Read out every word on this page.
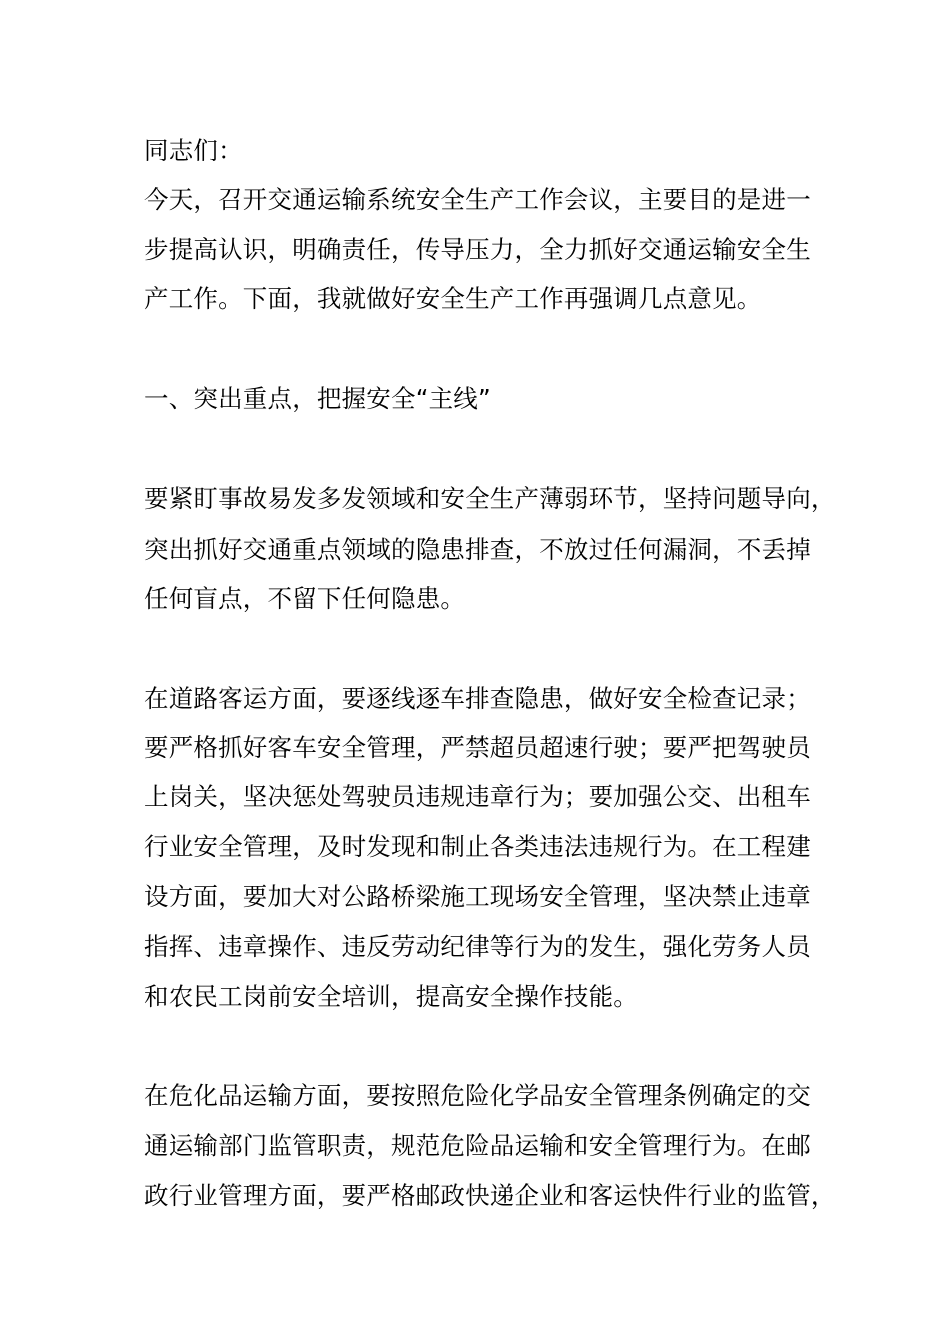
同志们：
今天，召开交通运输系统安全生产工作会议，主要目的是进一
步提高认识，明确责任，传导压力，全力抓好交通运输安全生
产工作。下面，我就做好安全生产工作再强调几点意见。
一、突出重点，把握安全“主线”
要紧盯事故易发多发领域和安全生产薄弱环节，坚持问题导向，
突出抓好交通重点领域的隐患排查，不放过任何漏洞，不丢掉
任何盲点，不留下任何隐患。
在道路客运方面，要逐线逐车排查隐患，做好安全检查记录；
要严格抓好客车安全管理，严禁超员超速行驶；要严把驾驶员
上岗关，坚决惩处驾驶员违规违章行为；要加强公交、出租车
行业安全管理，及时发现和制止各类违法违规行为。在工程建
设方面，要加大对公路桥梁施工现场安全管理，坚决禁止违章
指挥、违章操作、违反劳动纪律等行为的发生，强化劳务人员
和农民工岗前安全培训，提高安全操作技能。
在危化品运输方面，要按照危险化学品安全管理条例确定的交
通运输部门监管职责，规范危险品运输和安全管理行为。在邮
政行业管理方面，要严格邮政快递企业和客运快件行业的监管，
